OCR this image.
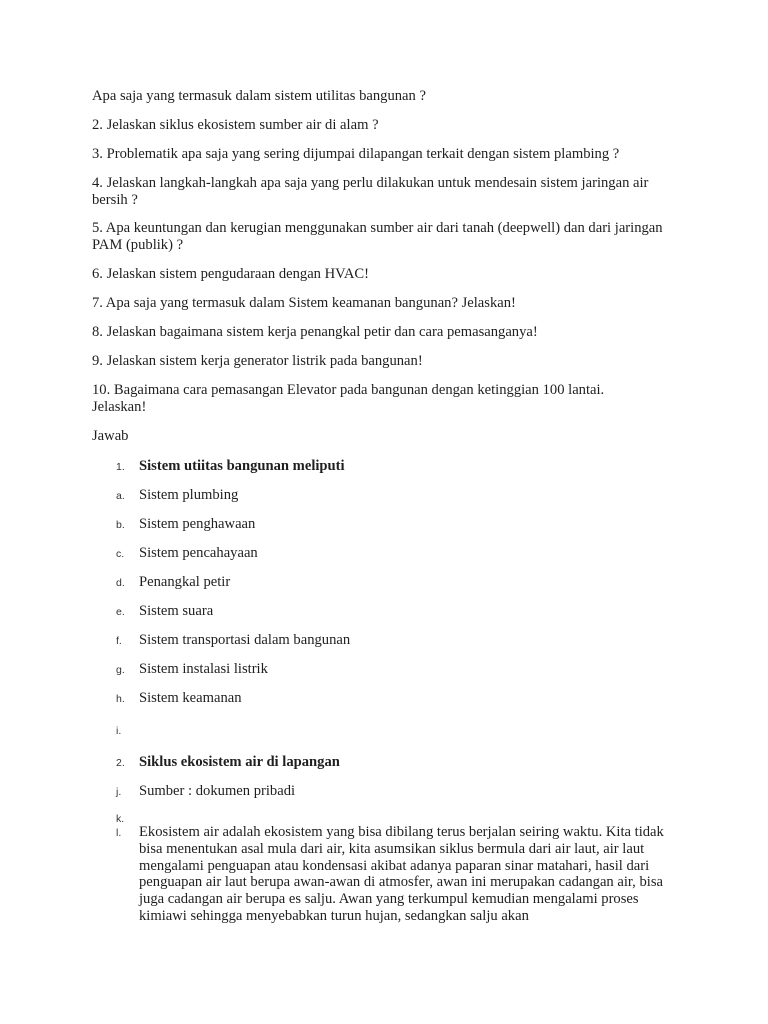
Apa saja yang termasuk dalam sistem utilitas bangunan ?

2. Jelaskan siklus ekosistem sumber air di alam ?

3. Problematik apa saja yang sering dijumpai dilapangan terkait dengan sistem plambing ?

4. Jelaskan langkah-langkah apa saja yang perlu dilakukan untuk mendesain sistem jaringan air bersih ?

5. Apa keuntungan dan kerugian menggunakan sumber air dari tanah (deepwell) dan dari jaringan PAM (publik) ?

6. Jelaskan sistem pengudaraan dengan HVAC!

7. Apa saja yang termasuk dalam Sistem keamanan bangunan? Jelaskan!

8. Jelaskan bagaimana sistem kerja penangkal petir dan cara pemasanganya!

9. Jelaskan sistem kerja generator listrik pada bangunan!

10. Bagaimana cara pemasangan Elevator pada bangunan dengan ketinggian 100 lantai. Jelaskan!

Jawab

1. Sistem utiitas bangunan meliputi
a. Sistem plumbing
b. Sistem penghawaan
c.	Sistem pencahayaan
d. Penangkal petir
e. Sistem suara
f.	Sistem transportasi dalam bangunan
g. Sistem instalasi listrik
h. Sistem keamanan
i.
2. Siklus ekosistem air di lapangan
j.	Sumber : dokumen pribadi
k.
l.	Ekosistem air adalah ekosistem yang bisa dibilang terus berjalan seiring waktu. Kita tidak bisa menentukan asal mula dari air, kita asumsikan siklus bermula dari air laut, air laut mengalami penguapan atau kondensasi akibat adanya paparan sinar matahari, hasil dari penguapan air laut berupa awan-awan di atmosfer, awan ini merupakan cadangan air, bisa juga cadangan air berupa es salju. Awan yang terkumpul kemudian mengalami proses kimiawi sehingga menyebabkan turun hujan, sedangkan salju akan
